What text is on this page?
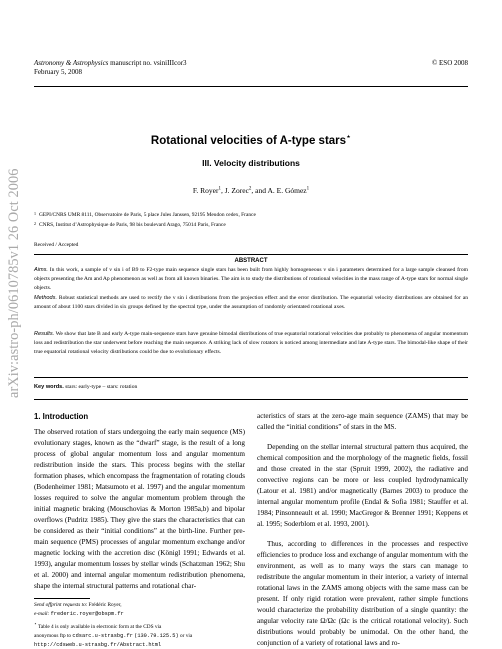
Astronomy & Astrophysics manuscript no. vsiniIIIcor3
February 5, 2008
© ESO 2008
arXiv:astro-ph/0610785v1 26 Oct 2006
Rotational velocities of A-type stars⋆
III. Velocity distributions
F. Royer$^1$, J. Zorec$^2$, and A. E. Gómez$^1$
$^1$ GEPI/CNRS UMR 8111, Observatoire de Paris, 5 place Jules Janssen, 92195 Meudon cedex, France
$^2$ CNRS, Institut d’Astrophysique de Paris, 98 bis boulevard Arago, 75014 Paris, France
Received / Accepted
ABSTRACT
Aims. In this work, a sample of v sin i of B9 to F2-type main sequence single stars has been built from highly homogeneous v sin i parameters determined for a large sample cleansed from objects presenting the Am and Ap phenomenon as well as from all known binaries. The aim is to study the distributions of rotational velocities in the mass range of A-type stars for normal single objects.
Methods. Robust statistical methods are used to rectify the v sin i distributions from the projection effect and the error distribution. The equatorial velocity distributions are obtained for an amount of about 1100 stars divided in six groups defined by the spectral type, under the assumption of randomly orientated rotational axes.
Results. We show that late B and early A-type main-sequence stars have genuine bimodal distributions of true equatorial rotational velocities due probably to phenomena of angular momentum loss and redistribution the star underwent before reaching the main sequence. A striking lack of slow rotators is noticed among intermediate and late A-type stars. The bimodal-like shape of their true equatorial rotational velocity distributions could be due to evolutionary effects.
Key words. stars: early-type – stars: rotation
1. Introduction

The observed rotation of stars undergoing the early main sequence (MS) evolutionary stages, known as the “dwarf” stage, is the result of a long process of global angular momentum loss and angular momentum redistribution inside the stars. This process begins with the stellar formation phases, which encompass the fragmentation of rotating clouds (Bodenheimer 1981; Matsumoto et al. 1997) and the angular momentum losses required to solve the angular momentum problem through the initial magnetic braking (Mouschovias & Morton 1985a,b) and bipolar overflows (Pudritz 1985). They give the stars the characteristics that can be considered as their “initial conditions” at the birth-line. Further pre-main sequence (PMS) processes of angular momentum exchange and/or magnetic locking with the accretion disc (Königl 1991; Edwards et al. 1993), angular momentum losses by stellar winds (Schatzman 1962; Shu et al. 2000) and internal angular momentum redistribution phenomena, shape the internal structural patterns and rotational char-

acteristics of stars at the zero-age main sequence (ZAMS) that may be called the “initial conditions” of stars in the MS.

Depending on the stellar internal structural pattern thus acquired, the chemical composition and the morphology of the magnetic fields, fossil and those created in the star (Spruit 1999, 2002), the radiative and convective regions can be more or less coupled hydrodynamically (Latour et al. 1981) and/or magnetically (Barnes 2003) to produce the internal angular momentum profile (Endal & Sofia 1981; Stauffer et al. 1984; Pinsonneault et al. 1990; MacGregor & Brenner 1991; Keppens et al. 1995; Soderblom et al. 1993, 2001).

Thus, according to differences in the processes and respective efficiencies to produce loss and exchange of angular momentum with the environment, as well as to many ways the stars can manage to redistribute the angular momentum in their interior, a variety of internal rotational laws in the ZAMS among objects with the same mass can be present. If only rigid rotation were prevalent, rather simple functions would characterize the probability distribution of a single quantity: the angular velocity rate Ω/Ωc (Ωc is the critical rotational velocity). Such distributions would probably be unimodal. On the other hand, the conjunction of a variety of rotational laws and ro-

Send offprint requests to: Frédéric Royer,
e-mail: frederic.royer@obspm.fr
⋆ Table 4 is only available in electronic form at the CDS via
anonymous ftp to cdsarc.u-strasbg.fr (130.79.125.5) or via
http://cdsweb.u-strasbg.fr/Abstract.html
